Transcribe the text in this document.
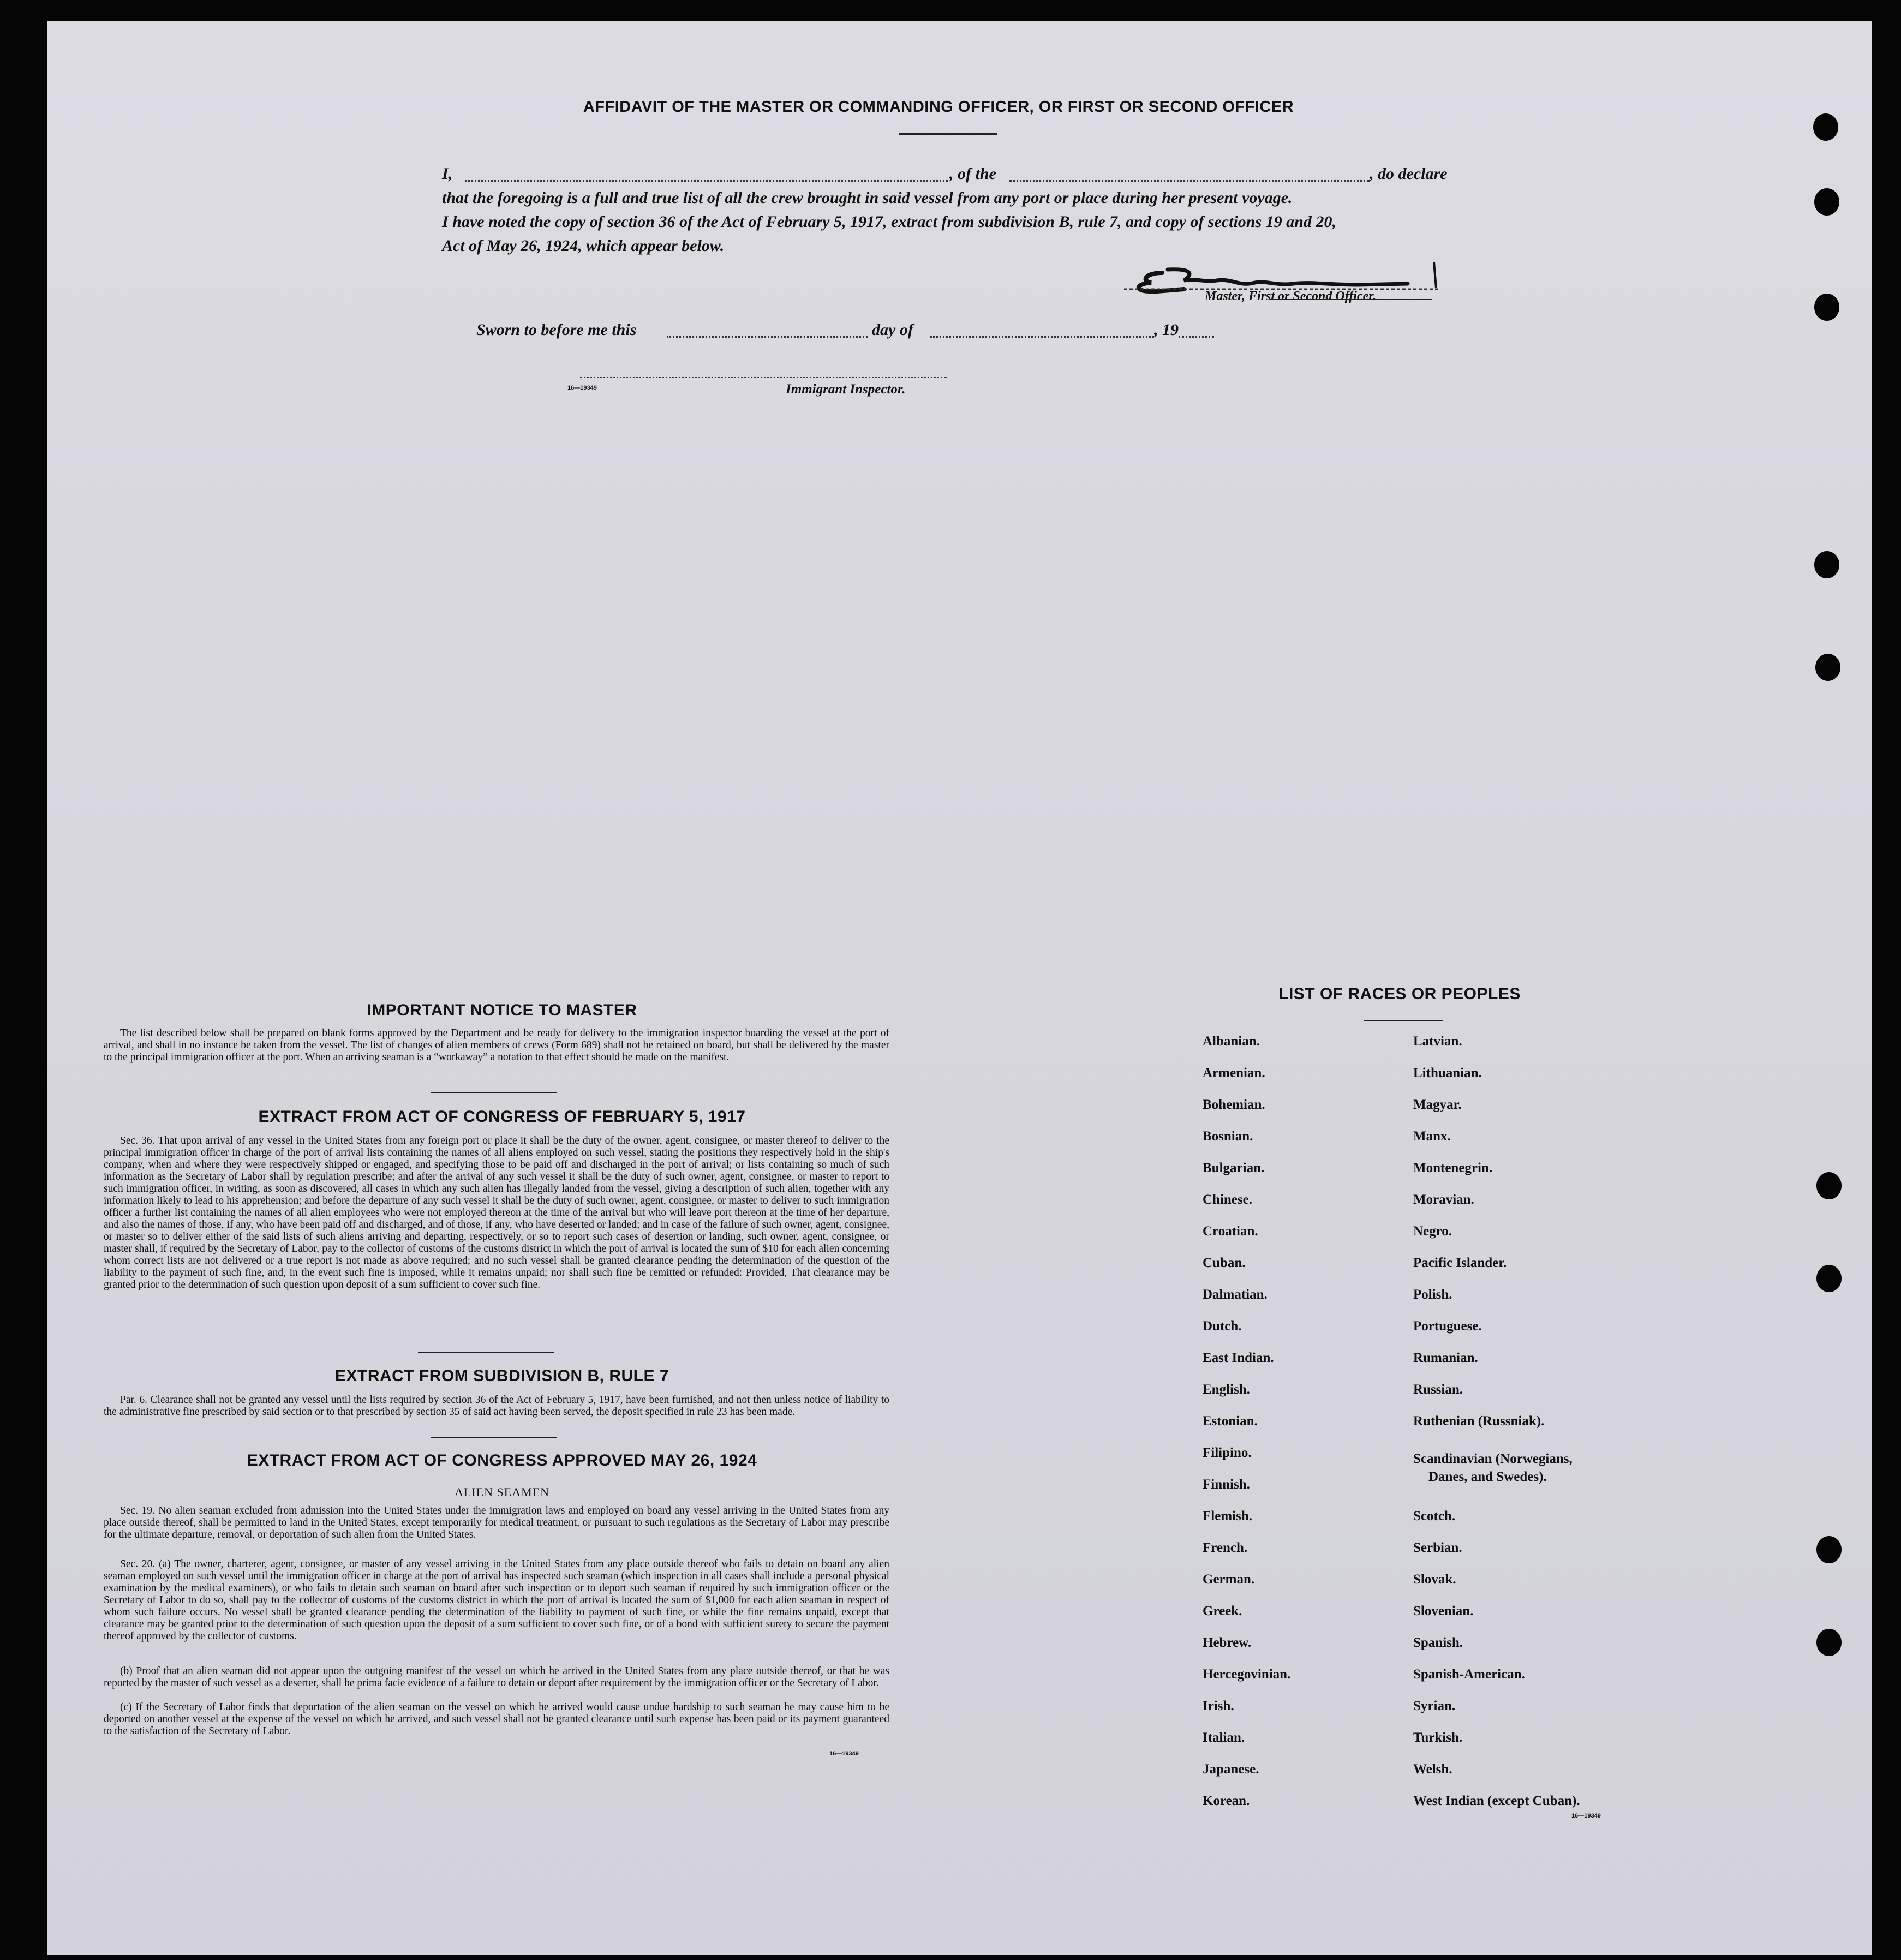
AFFIDAVIT OF THE MASTER OR COMMANDING OFFICER, OR FIRST OR SECOND OFFICER
I,	, of the	, do declare
that the foregoing is a full and true list of all the crew brought in said vessel from any port or place during her present voyage.
I have noted the copy of section 36 of the Act of February 5, 1917, extract from subdivision B, rule 7, and copy of sections 19 and 20,
Act of May 26, 1924, which appear below.
Master, First or Second Officer.
Sworn to before me this	day of	, 19
16—19349	Immigrant Inspector.
IMPORTANT NOTICE TO MASTER
The list described below shall be prepared on blank forms approved by the Department and be ready for delivery to the immigration inspector boarding the vessel at the port of arrival, and shall in no instance be taken from the vessel. The list of changes of alien members of crews (Form 689) shall not be retained on board, but shall be delivered by the master to the principal immigration officer at the port. When an arriving seaman is a “workaway” a notation to that effect should be made on the manifest.
EXTRACT FROM ACT OF CONGRESS OF FEBRUARY 5, 1917
Sec. 36. That upon arrival of any vessel in the United States from any foreign port or place it shall be the duty of the owner, agent, consignee, or master thereof to deliver to the principal immigration officer in charge of the port of arrival lists containing the names of all aliens employed on such vessel, stating the positions they respectively hold in the ship's company, when and where they were respectively shipped or engaged, and specifying those to be paid off and discharged in the port of arrival; or lists containing so much of such information as the Secretary of Labor shall by regulation prescribe; and after the arrival of any such vessel it shall be the duty of such owner, agent, consignee, or master to report to such immigration officer, in writing, as soon as discovered, all cases in which any such alien has illegally landed from the vessel, giving a description of such alien, together with any information likely to lead to his apprehension; and before the departure of any such vessel it shall be the duty of such owner, agent, consignee, or master to deliver to such immigration officer a further list containing the names of all alien employees who were not employed thereon at the time of the arrival but who will leave port thereon at the time of her departure, and also the names of those, if any, who have been paid off and discharged, and of those, if any, who have deserted or landed; and in case of the failure of such owner, agent, consignee, or master so to deliver either of the said lists of such aliens arriving and departing, respectively, or so to report such cases of desertion or landing, such owner, agent, consignee, or master shall, if required by the Secretary of Labor, pay to the collector of customs of the customs district in which the port of arrival is located the sum of $10 for each alien concerning whom correct lists are not delivered or a true report is not made as above required; and no such vessel shall be granted clearance pending the determination of the question of the liability to the payment of such fine, and, in the event such fine is imposed, while it remains unpaid; nor shall such fine be remitted or refunded: Provided, That clearance may be granted prior to the determination of such question upon deposit of a sum sufficient to cover such fine.
EXTRACT FROM SUBDIVISION B, RULE 7
Par. 6. Clearance shall not be granted any vessel until the lists required by section 36 of the Act of February 5, 1917, have been furnished, and not then unless notice of liability to the administrative fine prescribed by said section or to that prescribed by section 35 of said act having been served, the deposit specified in rule 23 has been made.
EXTRACT FROM ACT OF CONGRESS APPROVED MAY 26, 1924
ALIEN SEAMEN
Sec. 19. No alien seaman excluded from admission into the United States under the immigration laws and employed on board any vessel arriving in the United States from any place outside thereof, shall be permitted to land in the United States, except temporarily for medical treatment, or pursuant to such regulations as the Secretary of Labor may prescribe for the ultimate departure, removal, or deportation of such alien from the United States.
Sec. 20. (a) The owner, charterer, agent, consignee, or master of any vessel arriving in the United States from any place outside thereof who fails to detain on board any alien seaman employed on such vessel until the immigration officer in charge at the port of arrival has inspected such seaman (which inspection in all cases shall include a personal physical examination by the medical examiners), or who fails to detain such seaman on board after such inspection or to deport such seaman if required by such immigration officer or the Secretary of Labor to do so, shall pay to the collector of customs of the customs district in which the port of arrival is located the sum of $1,000 for each alien seaman in respect of whom such failure occurs. No vessel shall be granted clearance pending the determination of the liability to payment of such fine, or while the fine remains unpaid, except that clearance may be granted prior to the determination of such question upon the deposit of a sum sufficient to cover such fine, or of a bond with sufficient surety to secure the payment thereof approved by the collector of customs.
(b) Proof that an alien seaman did not appear upon the outgoing manifest of the vessel on which he arrived in the United States from any place outside thereof, or that he was reported by the master of such vessel as a deserter, shall be prima facie evidence of a failure to detain or deport after requirement by the immigration officer or the Secretary of Labor.
(c) If the Secretary of Labor finds that deportation of the alien seaman on the vessel on which he arrived would cause undue hardship to such seaman he may cause him to be deported on another vessel at the expense of the vessel on which he arrived, and such vessel shall not be granted clearance until such expense has been paid or its payment guaranteed to the satisfaction of the Secretary of Labor.
16—19349
LIST OF RACES OR PEOPLES
Albanian.
Armenian.
Bohemian.
Bosnian.
Bulgarian.
Chinese.
Croatian.
Cuban.
Dalmatian.
Dutch.
East Indian.
English.
Estonian.
Filipino.
Finnish.
Flemish.
French.
German.
Greek.
Hebrew.
Hercegovinian.
Irish.
Italian.
Japanese.
Korean.
Latvian.
Lithuanian.
Magyar.
Manx.
Montenegrin.
Moravian.
Negro.
Pacific Islander.
Polish.
Portuguese.
Rumanian.
Russian.
Ruthenian (Russniak).
Scandinavian (Norwegians,
Danes, and Swedes).
Scotch.
Serbian.
Slovak.
Slovenian.
Spanish.
Spanish-American.
Syrian.
Turkish.
Welsh.
West Indian (except Cuban).
16—19349
